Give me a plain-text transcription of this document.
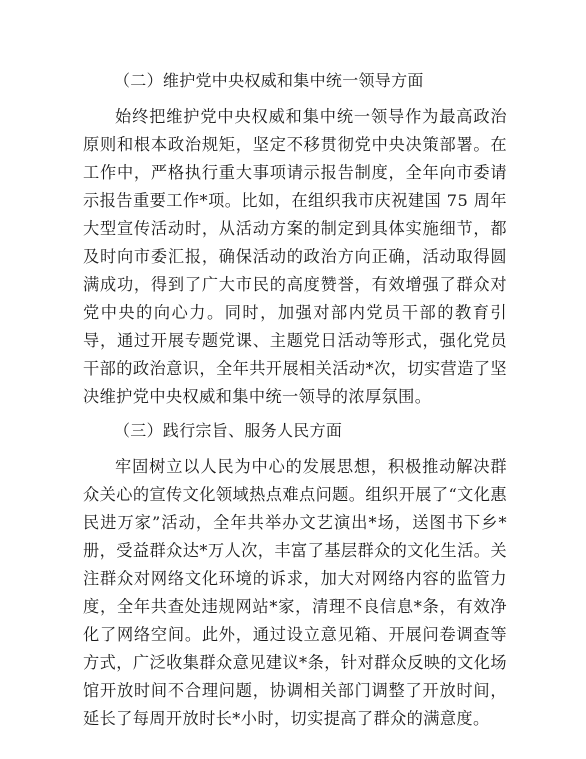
（二）维护党中央权威和集中统一领导方面

始终把维护党中央权威和集中统一领导作为最高政治原则和根本政治规矩，坚定不移贯彻党中央决策部署。在工作中，严格执行重大事项请示报告制度，全年向市委请示报告重要工作*项。比如，在组织我市庆祝建国 75 周年大型宣传活动时，从活动方案的制定到具体实施细节，都及时向市委汇报，确保活动的政治方向正确，活动取得圆满成功，得到了广大市民的高度赞誉，有效增强了群众对党中央的向心力。同时，加强对部内党员干部的教育引导，通过开展专题党课、主题党日活动等形式，强化党员干部的政治意识，全年共开展相关活动*次，切实营造了坚决维护党中央权威和集中统一领导的浓厚氛围。

（三）践行宗旨、服务人民方面

牢固树立以人民为中心的发展思想，积极推动解决群众关心的宣传文化领域热点难点问题。组织开展了“文化惠民进万家”活动，全年共举办文艺演出*场，送图书下乡*册，受益群众达*万人次，丰富了基层群众的文化生活。关注群众对网络文化环境的诉求，加大对网络内容的监管力度，全年共查处违规网站*家，清理不良信息*条，有效净化了网络空间。此外，通过设立意见箱、开展问卷调查等方式，广泛收集群众意见建议*条，针对群众反映的文化场馆开放时间不合理问题，协调相关部门调整了开放时间，延长了每周开放时长*小时，切实提高了群众的满意度。
